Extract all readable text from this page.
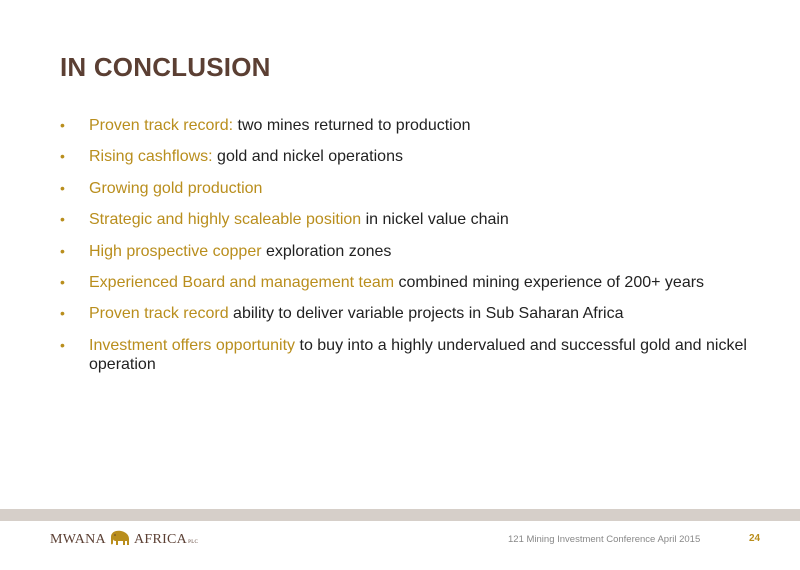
IN CONCLUSION
• Proven track record: two mines returned to production
• Rising cashflows: gold and nickel operations
• Growing gold production
• Strategic and highly scaleable position in nickel value chain
• High prospective copper exploration zones
• Experienced Board and management team combined mining experience of 200+ years
• Proven track record ability to deliver variable projects in Sub Saharan Africa
• Investment offers opportunity to buy into a highly undervalued and successful gold and nickel operation
MWANA AFRICA PLC	121 Mining Investment Conference April 2015	24
